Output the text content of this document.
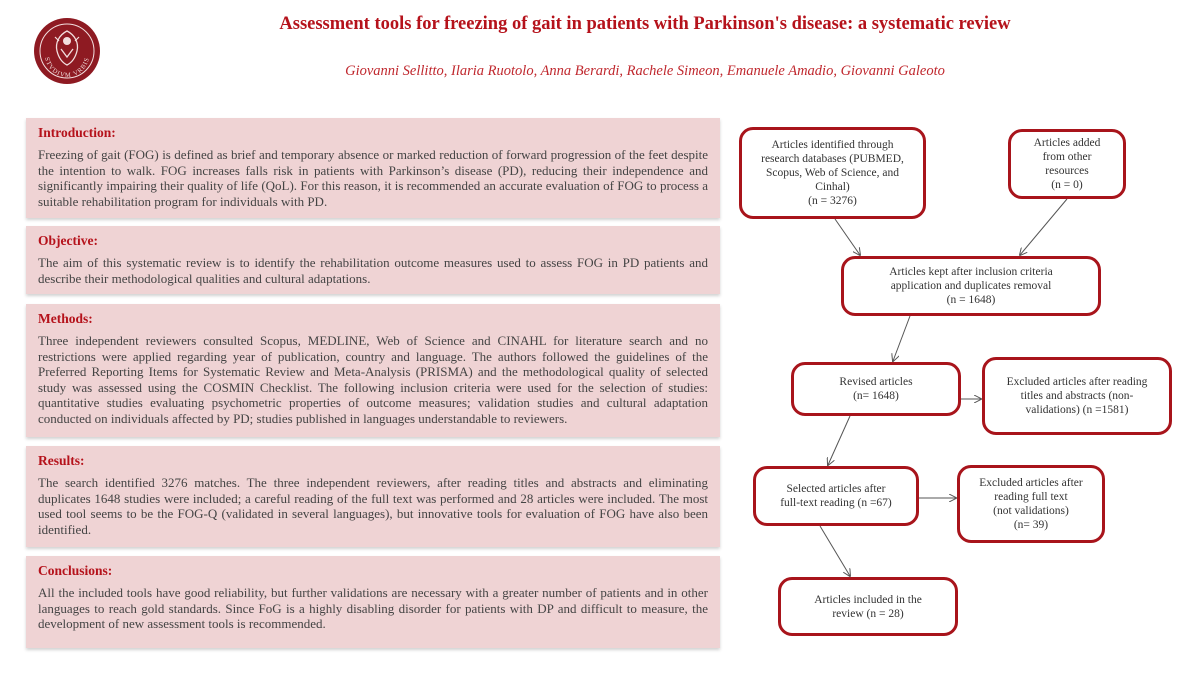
STVDIVM VRBIS
Assessment tools for freezing of gait in patients with Parkinson's disease: a systematic review
Giovanni Sellitto, Ilaria Ruotolo, Anna Berardi, Rachele Simeon, Emanuele Amadio, Giovanni Galeoto
Introduction:

Freezing of gait (FOG) is defined as brief and temporary absence or marked reduction of forward progression of the feet despite the intention to walk. FOG increases falls risk in patients with Parkinson’s disease (PD), reducing their independence and significantly impairing their quality of life (QoL). For this reason, it is recommended an accurate evaluation of FOG to process a suitable rehabilitation program for individuals with PD.

Objective:

The aim of this systematic review is to identify the rehabilitation outcome measures used to assess FOG in PD patients and describe their methodological qualities and cultural adaptations.

Methods:

Three independent reviewers consulted Scopus, MEDLINE, Web of Science and CINAHL for literature search and no restrictions were applied regarding year of publication, country and language. The authors followed the guidelines of the Preferred Reporting Items for Systematic Review and Meta-Analysis (PRISMA) and the methodological quality of selected study was assessed using the COSMIN Checklist. The following inclusion criteria were used for the selection of studies: quantitative studies evaluating psychometric properties of outcome measures; validation studies and cultural adaptation conducted on individuals affected by PD; studies published in languages understandable to reviewers.

Results:

The search identified 3276 matches. The three independent reviewers, after reading titles and abstracts and eliminating duplicates 1648 studies were included; a careful reading of the full text was performed and 28 articles were included. The most used tool seems to be the FOG-Q (validated in several languages), but innovative tools for evaluation of FOG have also been identified.

Conclusions:

All the included tools have good reliability, but further validations are necessary with a greater number of patients and in other languages to reach gold standards. Since FoG is a highly disabling disorder for patients with DP and difficult to measure, the development of new assessment tools is recommended.

Articles identified through
research databases (PUBMED,
Scopus, Web of Science, and
Cinhal)
(n = 3276)
Articles added
from other
resources
(n = 0)
Articles kept after inclusion criteria
application and duplicates removal
(n = 1648)
Revised articles
(n= 1648)
Excluded articles after reading
titles and abstracts (non-
validations) (n =1581)
Selected articles after
full-text reading (n =67)
Excluded articles after
reading full text
(not validations)
(n= 39)
Articles included in the
review (n = 28)
